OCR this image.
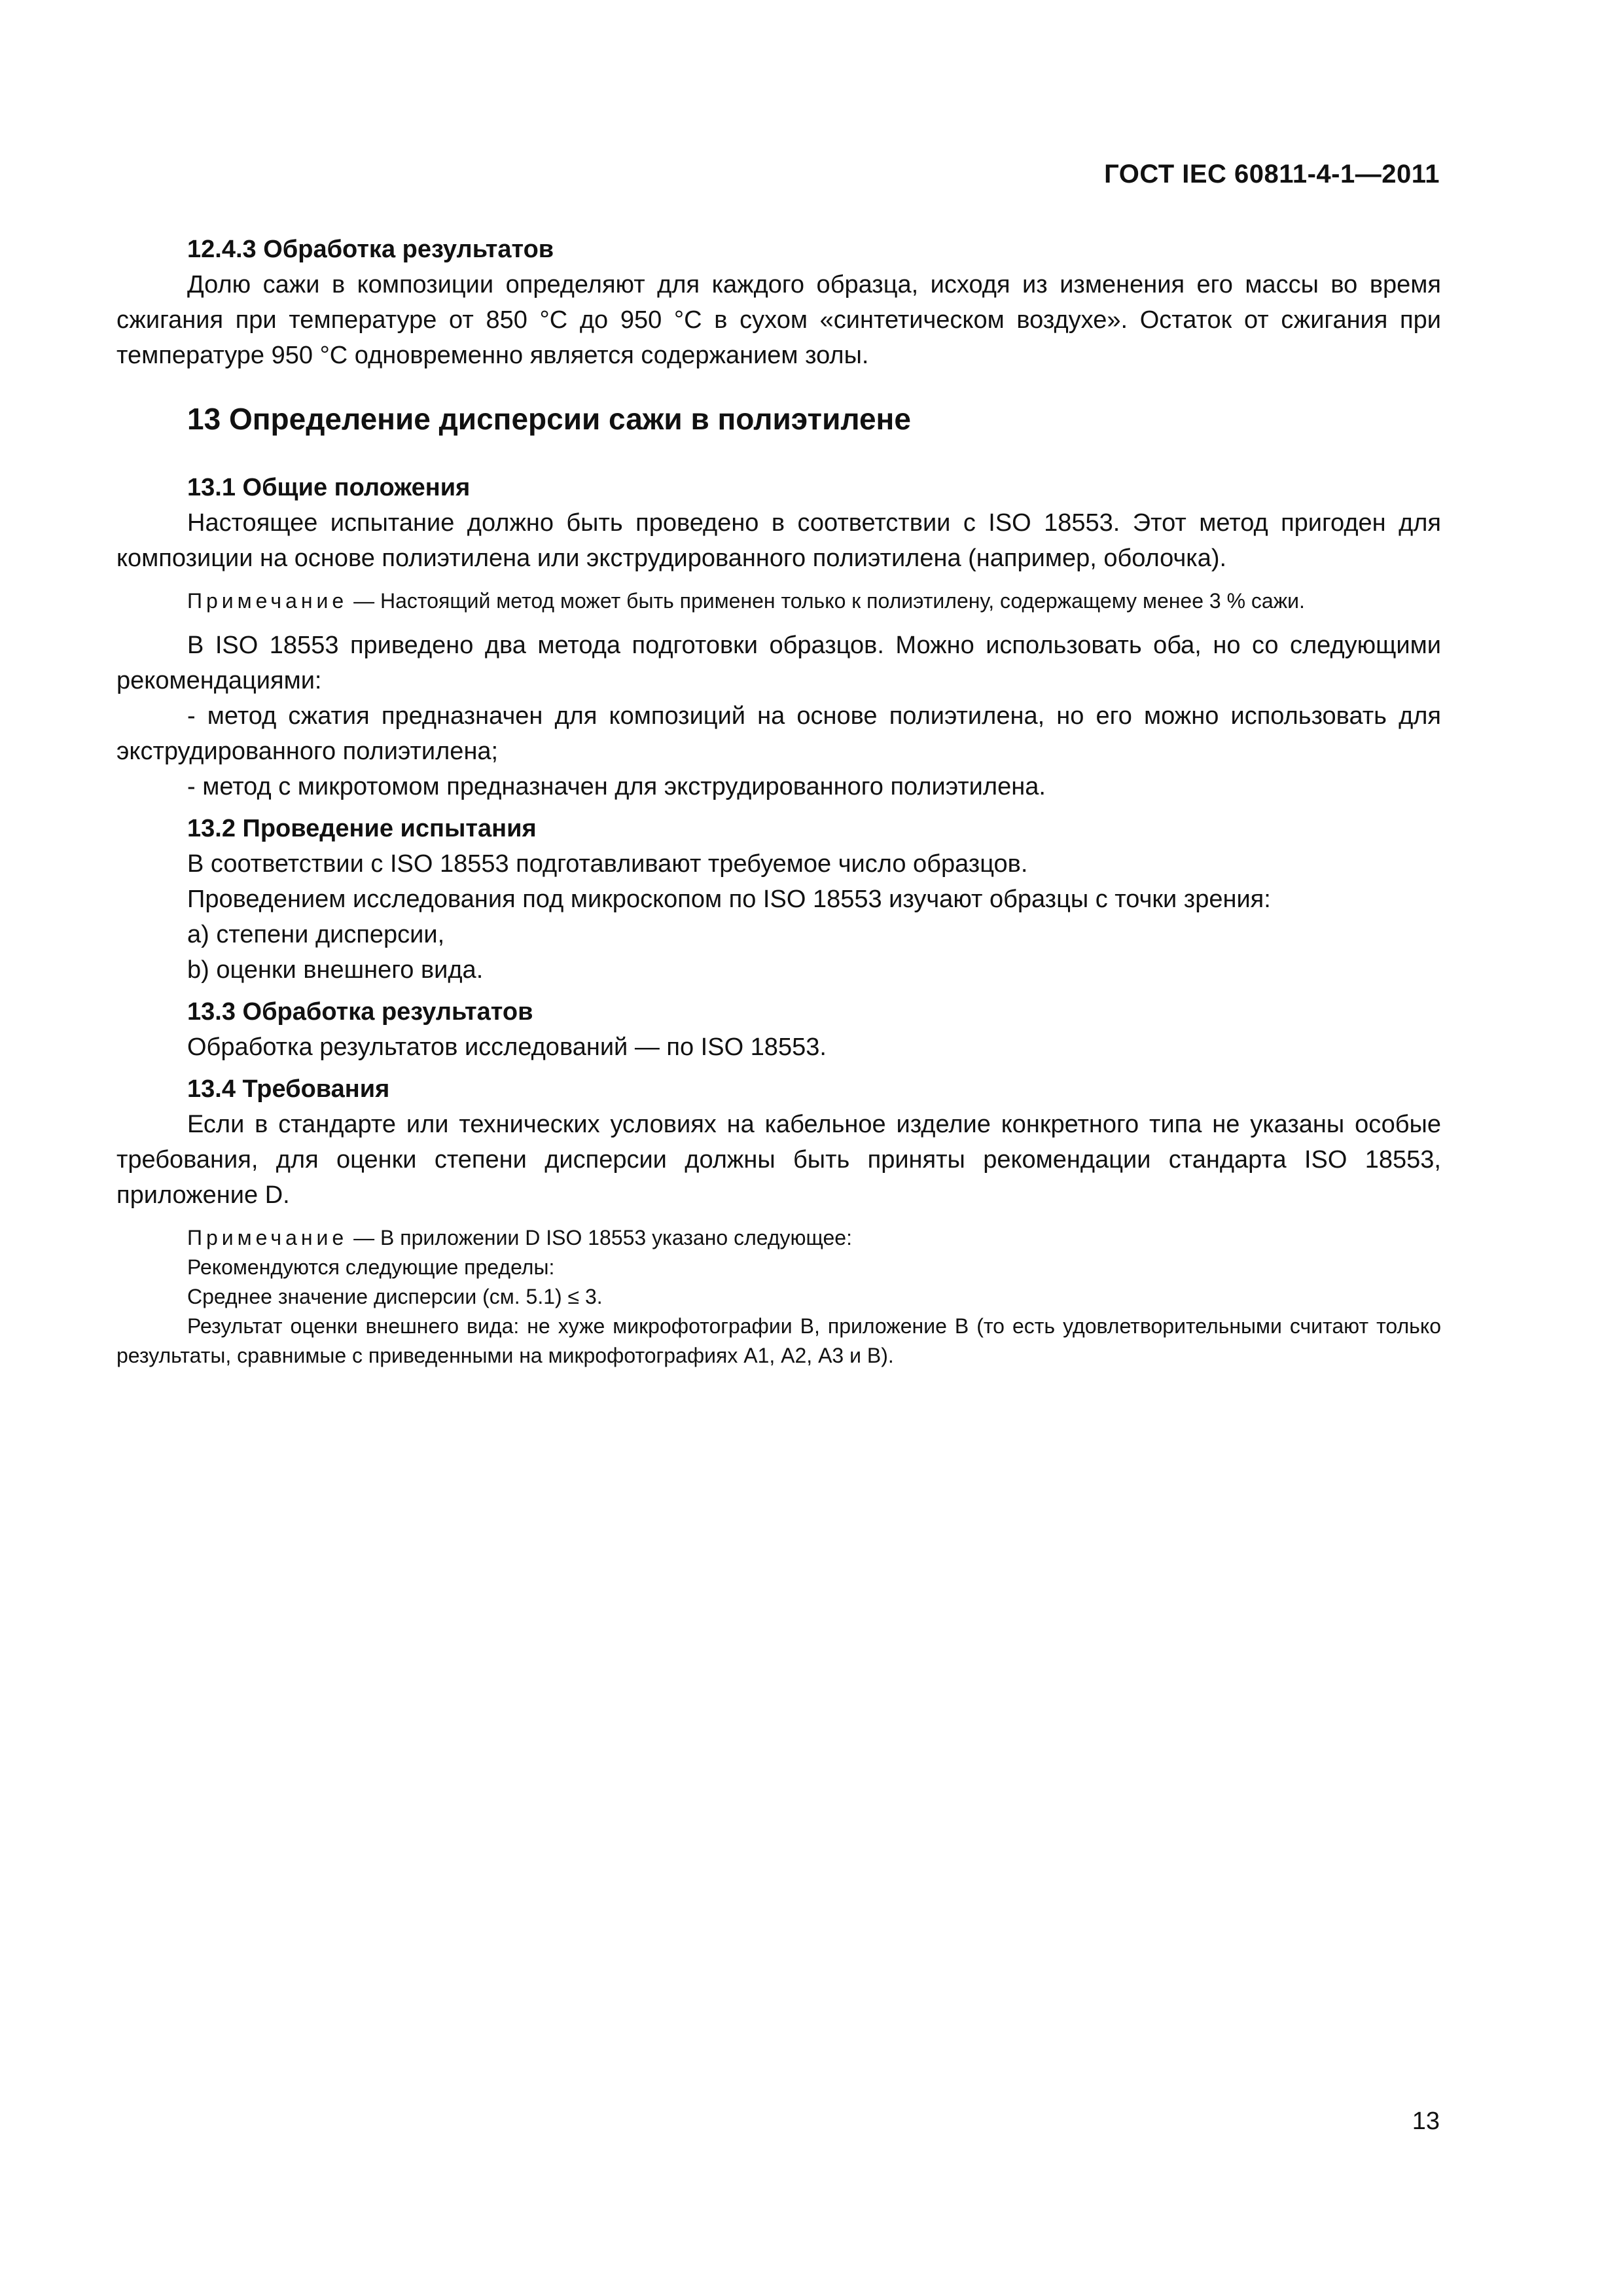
ГОСТ IEC 60811-4-1—2011
12.4.3 Обработка результатов

Долю сажи в композиции определяют для каждого образца, исходя из изменения его массы во время сжигания при температуре от 850 °С до 950 °С в сухом «синтетическом воздухе». Остаток от сжигания при температуре 950 °С одновременно является содержанием золы.

13 Определение дисперсии сажи в полиэтилене
13.1 Общие положения

Настоящее испытание должно быть проведено в соответствии с ISO 18553. Этот метод пригоден для композиции на основе полиэтилена или экструдированного полиэтилена (например, оболочка).

Примечание — Настоящий метод может быть применен только к полиэтилену, содержащему менее 3 % сажи.

В ISO 18553 приведено два метода подготовки образцов. Можно использовать оба, но со следующими рекомендациями:

- метод сжатия предназначен для композиций на основе полиэтилена, но его можно использовать для экструдированного полиэтилена;

- метод с микротомом предназначен для экструдированного полиэтилена.

13.2 Проведение испытания

В соответствии с ISO 18553 подготавливают требуемое число образцов.

Проведением исследования под микроскопом по ISO 18553 изучают образцы с точки зрения:

а) степени дисперсии,

b) оценки внешнего вида.

13.3 Обработка результатов

Обработка результатов исследований — по ISO 18553.

13.4 Требования

Если в стандарте или технических условиях на кабельное изделие конкретного типа не указаны особые требования, для оценки степени дисперсии должны быть приняты рекомендации стандарта ISO 18553, приложение D.

Примечание — В приложении D ISO 18553 указано следующее:
Рекомендуются следующие пределы:
Среднее значение дисперсии (см. 5.1) ≤ 3.
Результат оценки внешнего вида: не хуже микрофотографии В, приложение В (то есть удовлетворительными считают только результаты, сравнимые с приведенными на микрофотографиях А1, А2, А3 и В).
13
